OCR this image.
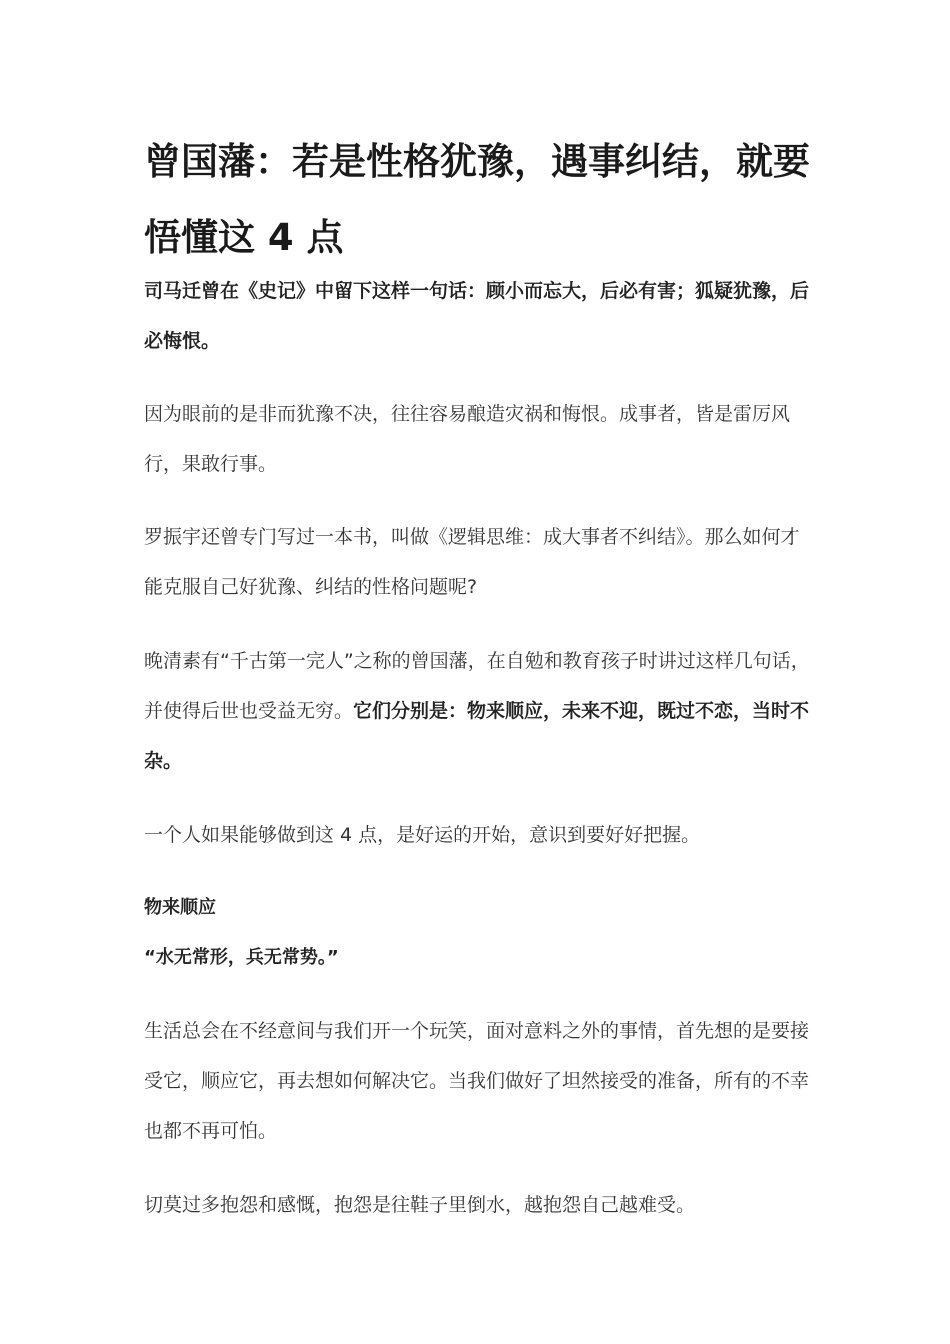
曾国藩：若是性格犹豫，遇事纠结，就要悟懂这 4 点

司马迁曾在《史记》中留下这样一句话：顾小而忘大，后必有害；狐疑犹豫，后必悔恨。

因为眼前的是非而犹豫不决，往往容易酿造灾祸和悔恨。成事者，皆是雷厉风行，果敢行事。

罗振宇还曾专门写过一本书，叫做《逻辑思维：成大事者不纠结》。那么如何才能克服自己好犹豫、纠结的性格问题呢?

晚清素有“千古第一完人”之称的曾国藩，在自勉和教育孩子时讲过这样几句话，并使得后世也受益无穷。它们分别是：物来顺应，未来不迎，既过不恋，当时不杂。

一个人如果能够做到这 4 点，是好运的开始，意识到要好好把握。

物来顺应

“水无常形，兵无常势。”

生活总会在不经意间与我们开一个玩笑，面对意料之外的事情，首先想的是要接受它，顺应它，再去想如何解决它。当我们做好了坦然接受的准备，所有的不幸也都不再可怕。

切莫过多抱怨和感慨，抱怨是往鞋子里倒水，越抱怨自己越难受。
